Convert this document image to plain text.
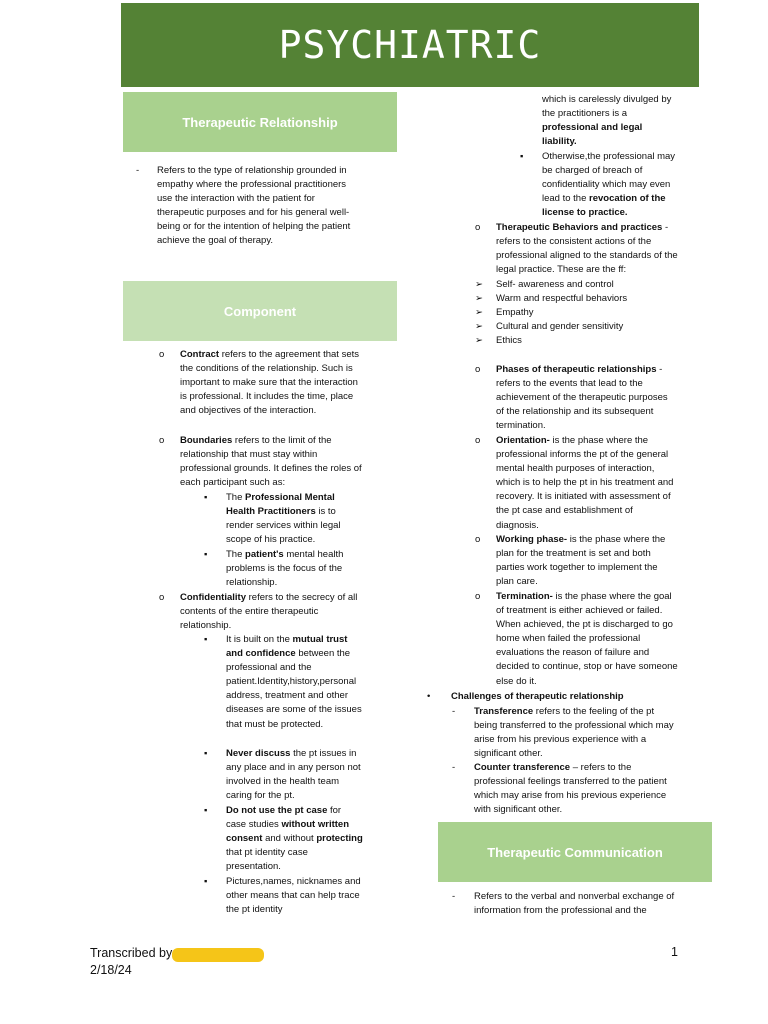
PSYCHIATRIC
Therapeutic Relationship
Component
Therapeutic Communication
- Refers to the type of relationship grounded in empathy where the professional practitioners use the interaction with the patient for therapeutic purposes and for his general well-being or for the intention of helping the patient achieve the goal of therapy.

o Contract refers to the agreement that sets the conditions of the relationship. Such is important to make sure that the interaction is professional. It includes the time, place and objectives of the interaction.

o Boundaries refers to the limit of the relationship that must stay within professional grounds. It defines the roles of each participant such as:

▪ The Professional Mental Health Practitioners is to render services within legal scope of his practice.

▪ The patient's mental health problems is the focus of the relationship.

o Confidentiality refers to the secrecy of all contents of the entire therapeutic relationship.

▪ It is built on the mutual trust and confidence between the professional and the patient.Identity,history,personal address, treatment and other diseases are some of the issues that must be protected.

▪ Never discuss the pt issues in any place and in any person not involved in the health team caring for the pt.

▪ Do not use the pt case for case studies without written consent and without protecting that pt identity case presentation.

▪ Pictures,names, nicknames and other means that can help trace the pt identity

which is carelessly divulged by the practitioners is a professional and legal liability.

▪ Otherwise,the professional may be charged of breach of confidentiality which may even lead to the revocation of the license to practice.

o Therapeutic Behaviors and practices - refers to the consistent actions of the professional aligned to the standards of the legal practice. These are the ff:

➢ Self- awareness and control

➢ Warm and respectful behaviors

➢ Empathy

➢ Cultural and gender sensitivity

➢ Ethics

o Phases of therapeutic relationships - refers to the events that lead to the achievement of the therapeutic purposes of the relationship and its subsequent termination.

o Orientation- is the phase where the professional informs the pt of the general mental health purposes of interaction, which is to help the pt in his treatment and recovery. It is initiated with assessment of the pt case and establishment of diagnosis.

o Working phase- is the phase where the plan for the treatment is set and both parties work together to implement the plan care.

o Termination- is the phase where the goal of treatment is either achieved or failed. When achieved, the pt is discharged to go home when failed the professional evaluations the reason of failure and decided to continue, stop or have someone else do it.

• Challenges of therapeutic relationship

- Transference refers to the feeling of the pt being transferred to the professional which may arise from his previous experience with a significant other.

- Counter transference – refers to the professional feelings transferred to the patient which may arise from his previous experience with significant other.

- Refers to the verbal and nonverbal exchange of information from the professional and the

Transcribed by
2/18/24
1
